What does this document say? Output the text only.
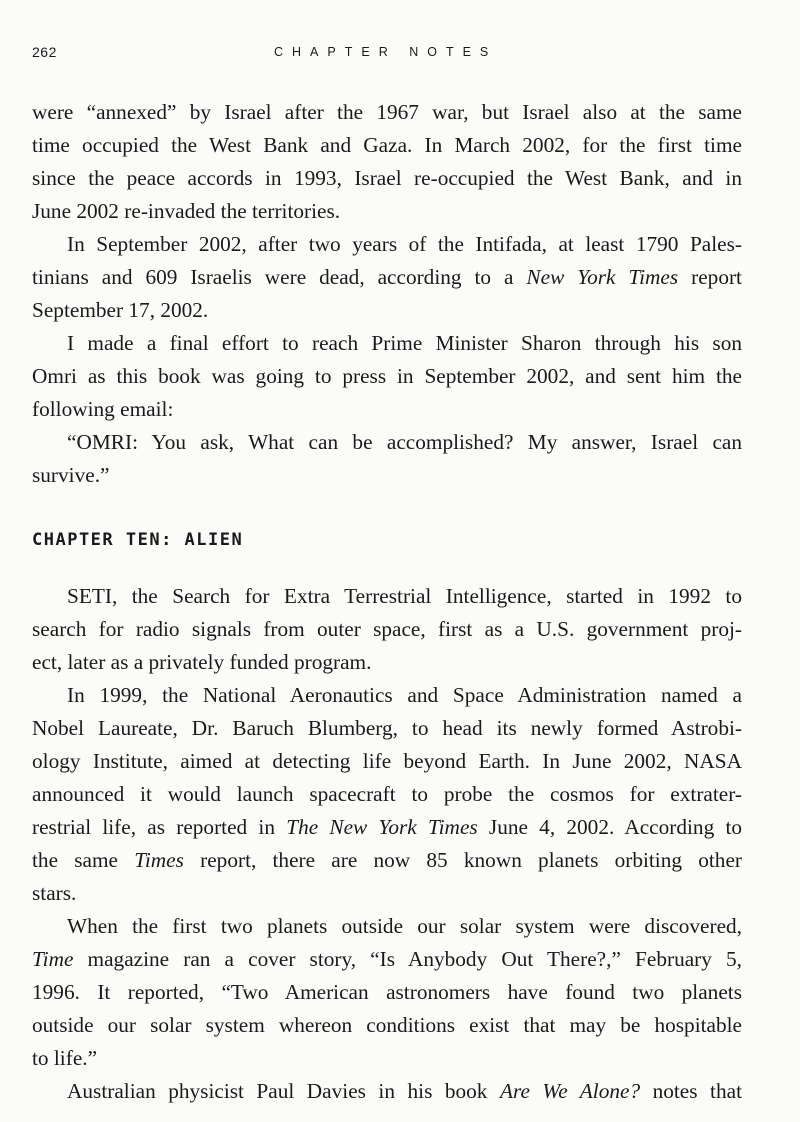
262	CHAPTER NOTES

were “annexed” by Israel after the 1967 war, but Israel also at the same

time occupied the West Bank and Gaza. In March 2002, for the first time

since the peace accords in 1993, Israel re-occupied the West Bank, and in

June 2002 re-invaded the territories.

In September 2002, after two years of the Intifada, at least 1790 Pales-

tinians and 609 Israelis were dead, according to a New York Times report

September 17, 2002.

I made a final effort to reach Prime Minister Sharon through his son

Omri as this book was going to press in September 2002, and sent him the

following email:

“OMRI: You ask, What can be accomplished? My answer, Israel can

survive.”

CHAPTER TEN: ALIEN

SETI, the Search for Extra Terrestrial Intelligence, started in 1992 to

search for radio signals from outer space, first as a U.S. government proj-

ect, later as a privately funded program.

In 1999, the National Aeronautics and Space Administration named a

Nobel Laureate, Dr. Baruch Blumberg, to head its newly formed Astrobi-

ology Institute, aimed at detecting life beyond Earth. In June 2002, NASA

announced it would launch spacecraft to probe the cosmos for extrater-

restrial life, as reported in The New York Times June 4, 2002. According to

the same Times report, there are now 85 known planets orbiting other

stars.

When the first two planets outside our solar system were discovered,

Time magazine ran a cover story, “Is Anybody Out There?,” February 5,

1996. It reported, “Two American astronomers have found two planets

outside our solar system whereon conditions exist that may be hospitable

to life.”

Australian physicist Paul Davies in his book Are We Alone? notes that
